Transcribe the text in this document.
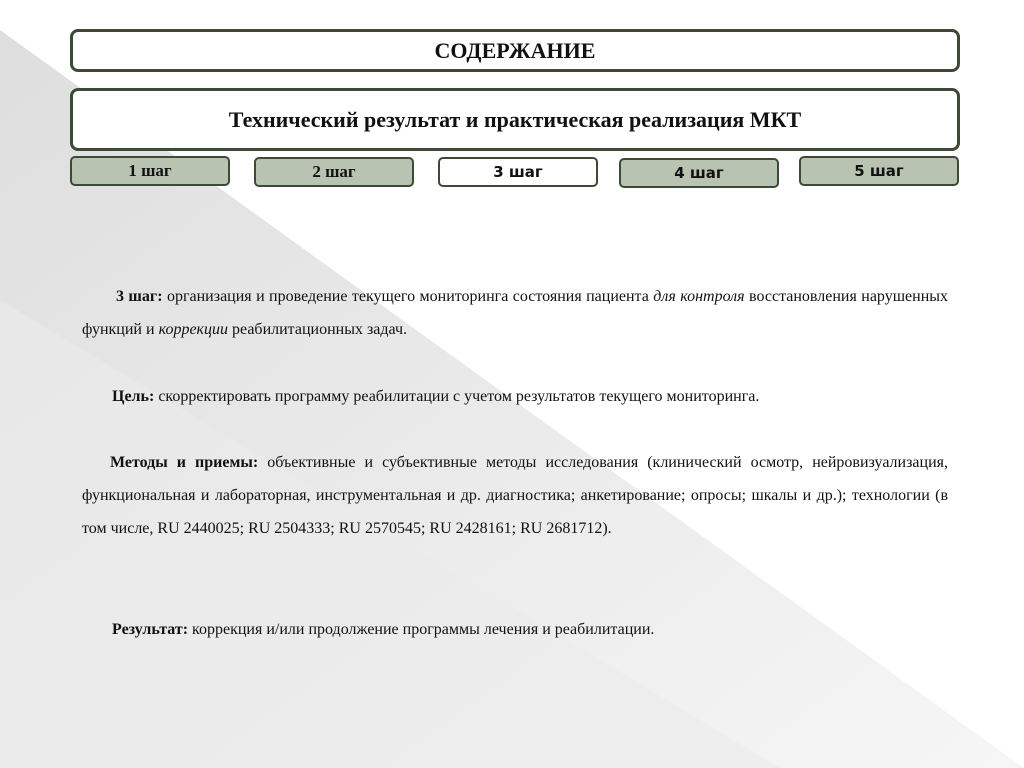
СОДЕРЖАНИЕ
Технический результат и практическая реализация МКТ
1 шаг	2 шаг	3 шаг	4 шаг	5 шаг
3 шаг: организация и проведение текущего мониторинга состояния пациента для контроля восстановления нарушенных функций и коррекции реабилитационных задач.
Цель: скорректировать программу реабилитации с учетом результатов текущего мониторинга.
Методы и приемы: объективные и субъективные методы исследования (клинический осмотр, нейровизуализация, функциональная и лабораторная, инструментальная и др. диагностика; анкетирование; опросы; шкалы и др.); технологии (в том числе, RU 2440025; RU 2504333; RU 2570545; RU 2428161; RU 2681712).
Результат: коррекция и/или продолжение программы лечения и реабилитации.
